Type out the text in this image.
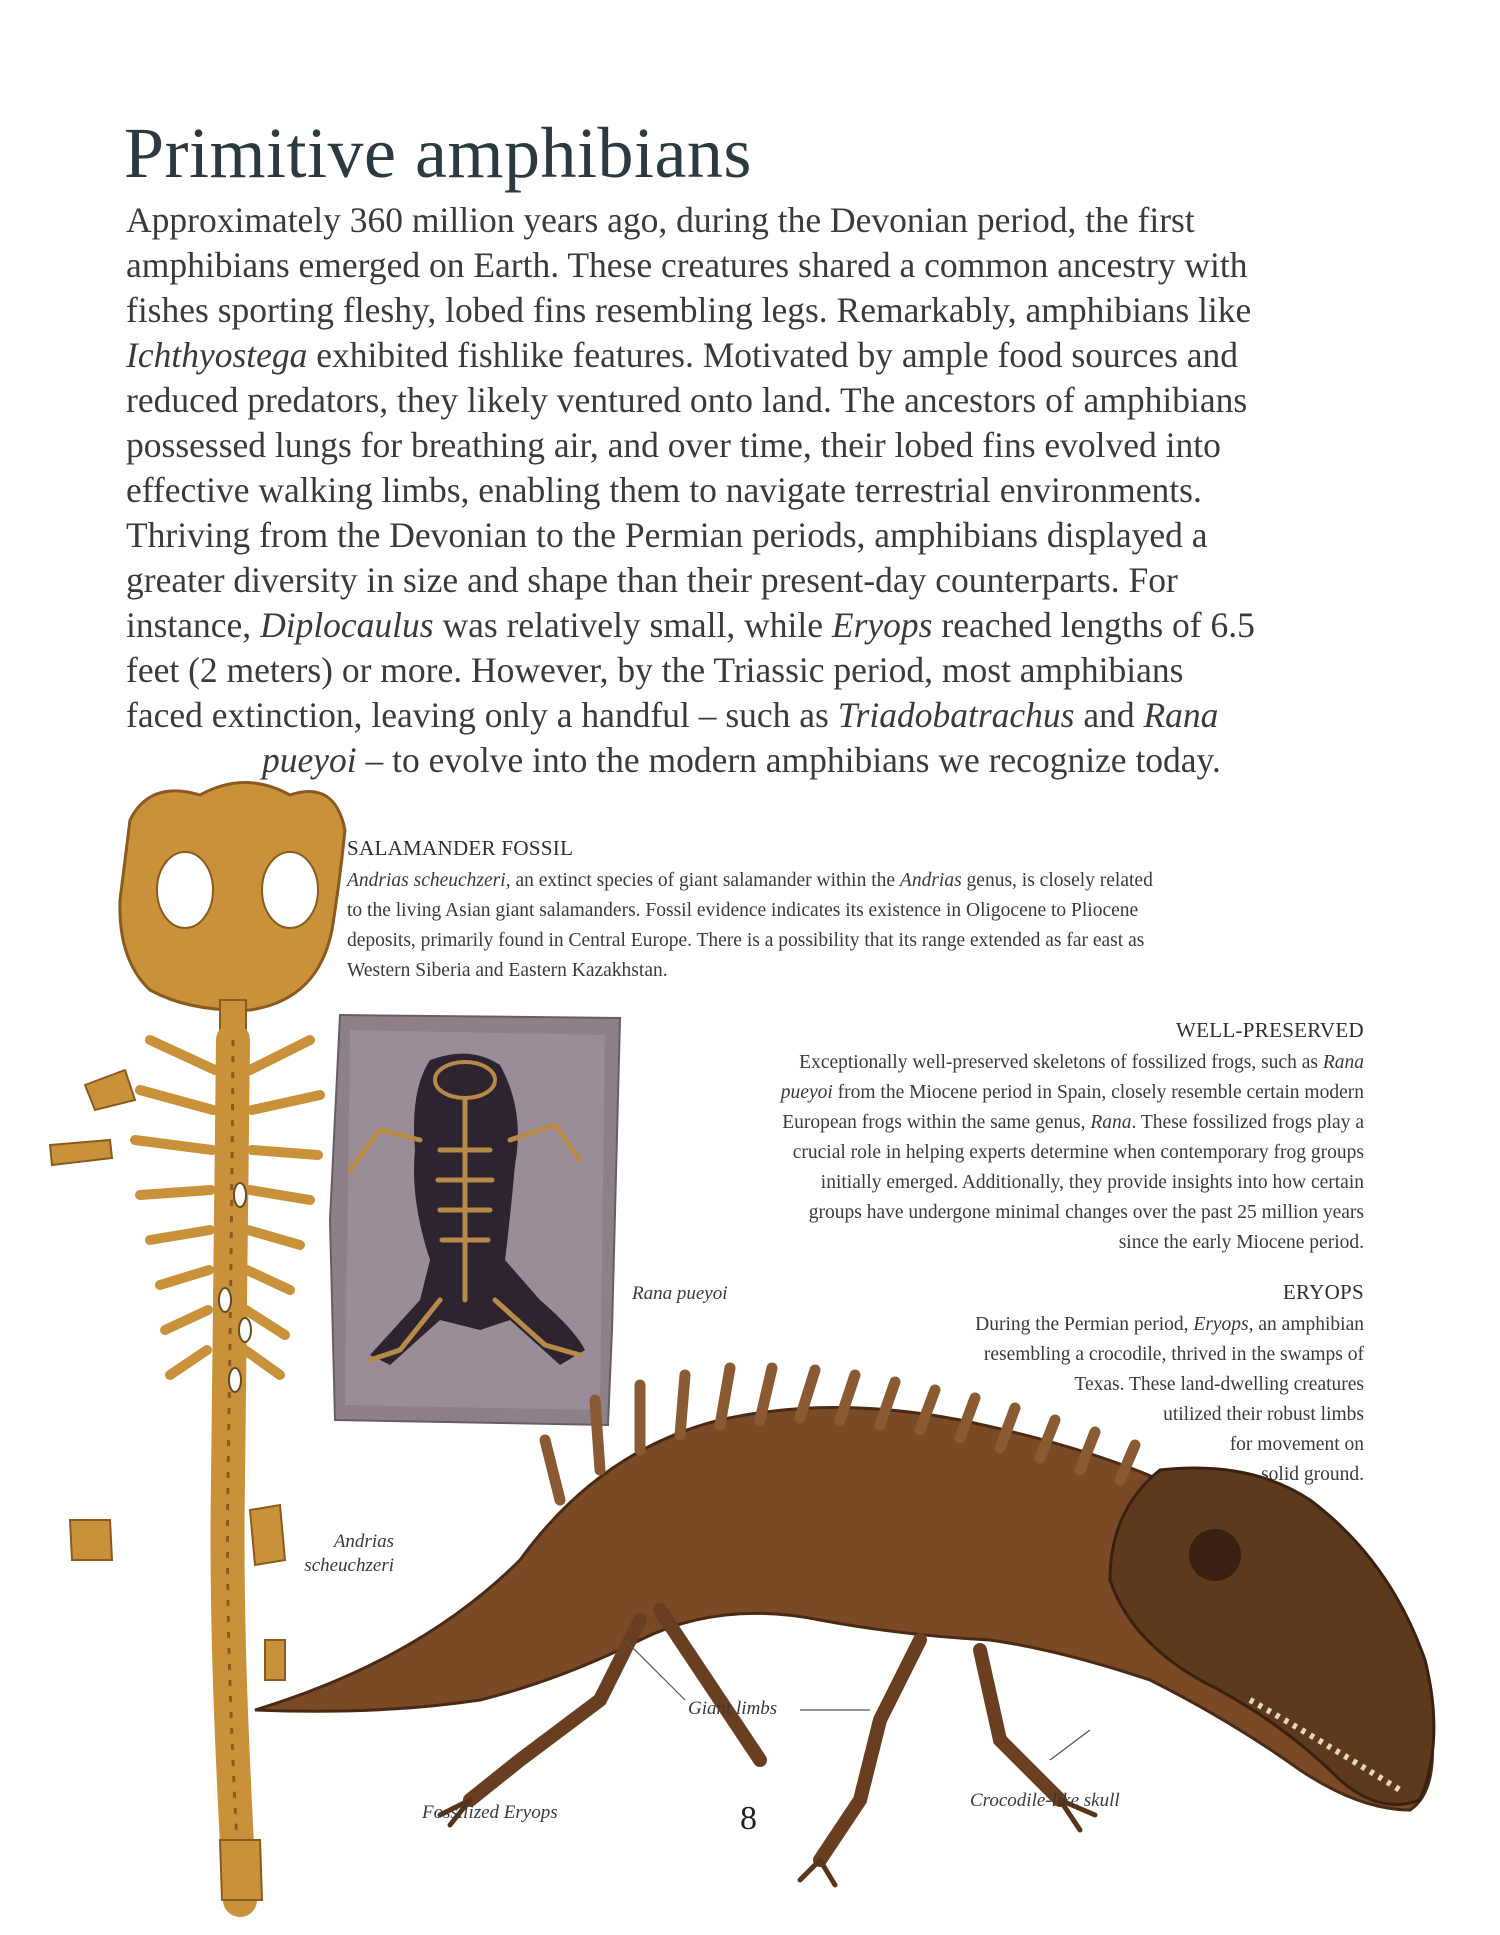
Primitive amphibians

Approximately 360 million years ago, during the Devonian period, the first
amphibians emerged on Earth. These creatures shared a common ancestry with
fishes sporting fleshy, lobed fins resembling legs. Remarkably, amphibians like
Ichthyostega exhibited fishlike features. Motivated by ample food sources and
reduced predators, they likely ventured onto land. The ancestors of amphibians
possessed lungs for breathing air, and over time, their lobed fins evolved into
effective walking limbs, enabling them to navigate terrestrial environments.
Thriving from the Devonian to the Permian periods, amphibians displayed a
greater diversity in size and shape than their present-day counterparts. For
instance, Diplocaulus was relatively small, while Eryops reached lengths of 6.5
feet (2 meters) or more. However, by the Triassic period, most amphibians
faced extinction, leaving only a handful – such as Triadobatrachus and Rana
pueyoi – to evolve into the modern amphibians we recognize today.

SALAMANDER FOSSIL

Andrias scheuchzeri, an extinct species of giant salamander within the Andrias genus, is closely related
to the living Asian giant salamanders. Fossil evidence indicates its existence in Oligocene to Pliocene
deposits, primarily found in Central Europe. There is a possibility that its range extended as far east as
Western Siberia and Eastern Kazakhstan.

WELL-PRESERVED

Exceptionally well-preserved skeletons of fossilized frogs, such as Rana
pueyoi from the Miocene period in Spain, closely resemble certain modern
European frogs within the same genus, Rana. These fossilized frogs play a
crucial role in helping experts determine when contemporary frog groups
initially emerged. Additionally, they provide insights into how certain
groups have undergone minimal changes over the past 25 million years
since the early Miocene period.

ERYOPS

During the Permian period, Eryops, an amphibian
resembling a crocodile, thrived in the swamps of
Texas. These land-dwelling creatures
utilized their robust limbs
for movement on
solid ground.

Rana pueyoi
Andrias
scheuchzeri
Giant limbs
Fossilized Eryops
Crocodile-like skull
8
